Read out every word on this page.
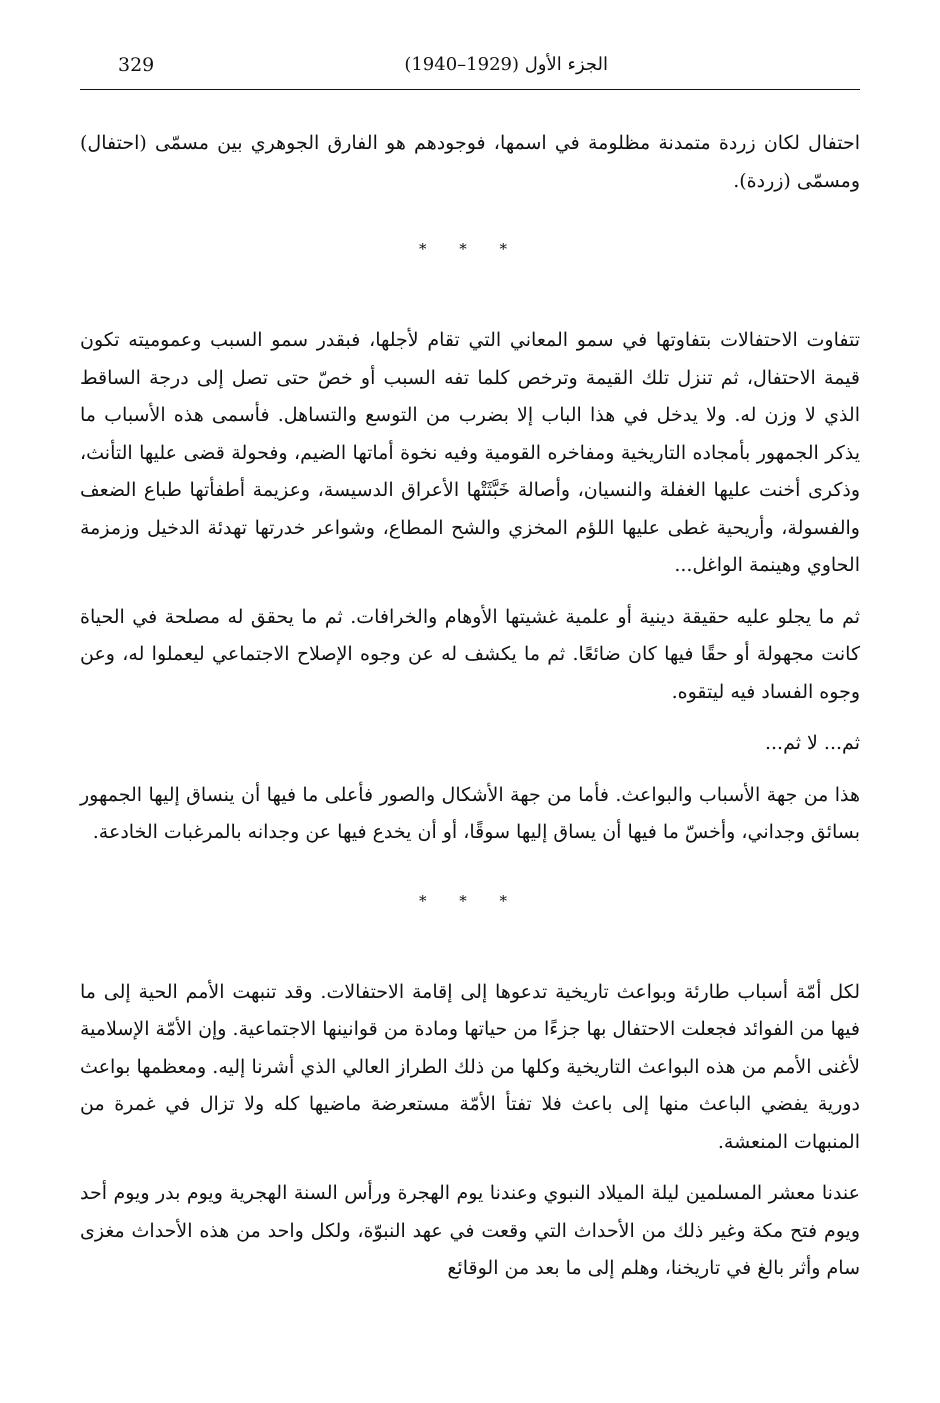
329	الجزء الأول (1929–1940)

احتفال لكان زردة متمدنة مظلومة في اسمها، فوجودهم هو الفارق الجوهري بين مسمّى (احتفال) ومسمّى (زردة).

* * *

تتفاوت الاحتفالات بتفاوتها في سمو المعاني التي تقام لأجلها، فبقدر سمو السبب وعموميته تكون قيمة الاحتفال، ثم تنزل تلك القيمة وترخص كلما تفه السبب أو خصّ حتى تصل إلى درجة الساقط الذي لا وزن له. ولا يدخل في هذا الباب إلا بضرب من التوسع والتساهل. فأسمى هذه الأسباب ما يذكر الجمهور بأمجاده التاريخية ومفاخره القومية وفيه نخوة أماتها الضيم، وفحولة قضى عليها التأنث، وذكرى أخنت عليها الغفلة والنسيان، وأصالة خَبَّثَتْها الأعراق الدسيسة، وعزيمة أطفأتها طباع الضعف والفسولة، وأريحية غطى عليها اللؤم المخزي والشح المطاع، وشواعر خدرتها تهدئة الدخيل وزمزمة الحاوي وهينمة الواغل...

ثم ما يجلو عليه حقيقة دينية أو علمية غشيتها الأوهام والخرافات. ثم ما يحقق له مصلحة في الحياة كانت مجهولة أو حقًا فيها كان ضائعًا. ثم ما يكشف له عن وجوه الإصلاح الاجتماعي ليعملوا له، وعن وجوه الفساد فيه ليتقوه.

ثم... لا ثم...

هذا من جهة الأسباب والبواعث. فأما من جهة الأشكال والصور فأعلى ما فيها أن ينساق إليها الجمهور بسائق وجداني، وأخسّ ما فيها أن يساق إليها سوقًا، أو أن يخدع فيها عن وجدانه بالمرغبات الخادعة.

* * *

لكل أمّة أسباب طارئة وبواعث تاريخية تدعوها إلى إقامة الاحتفالات. وقد تنبهت الأمم الحية إلى ما فيها من الفوائد فجعلت الاحتفال بها جزءًا من حياتها ومادة من قوانينها الاجتماعية. وإن الأمّة الإسلامية لأغنى الأمم من هذه البواعث التاريخية وكلها من ذلك الطراز العالي الذي أشرنا إليه. ومعظمها بواعث دورية يفضي الباعث منها إلى باعث فلا تفتأ الأمّة مستعرضة ماضيها كله ولا تزال في غمرة من المنبهات المنعشة.

عندنا معشر المسلمين ليلة الميلاد النبوي وعندنا يوم الهجرة ورأس السنة الهجرية ويوم بدر ويوم أحد ويوم فتح مكة وغير ذلك من الأحداث التي وقعت في عهد النبوّة، ولكل واحد من هذه الأحداث مغزى سام وأثر بالغ في تاريخنا، وهلم إلى ما بعد من الوقائع
